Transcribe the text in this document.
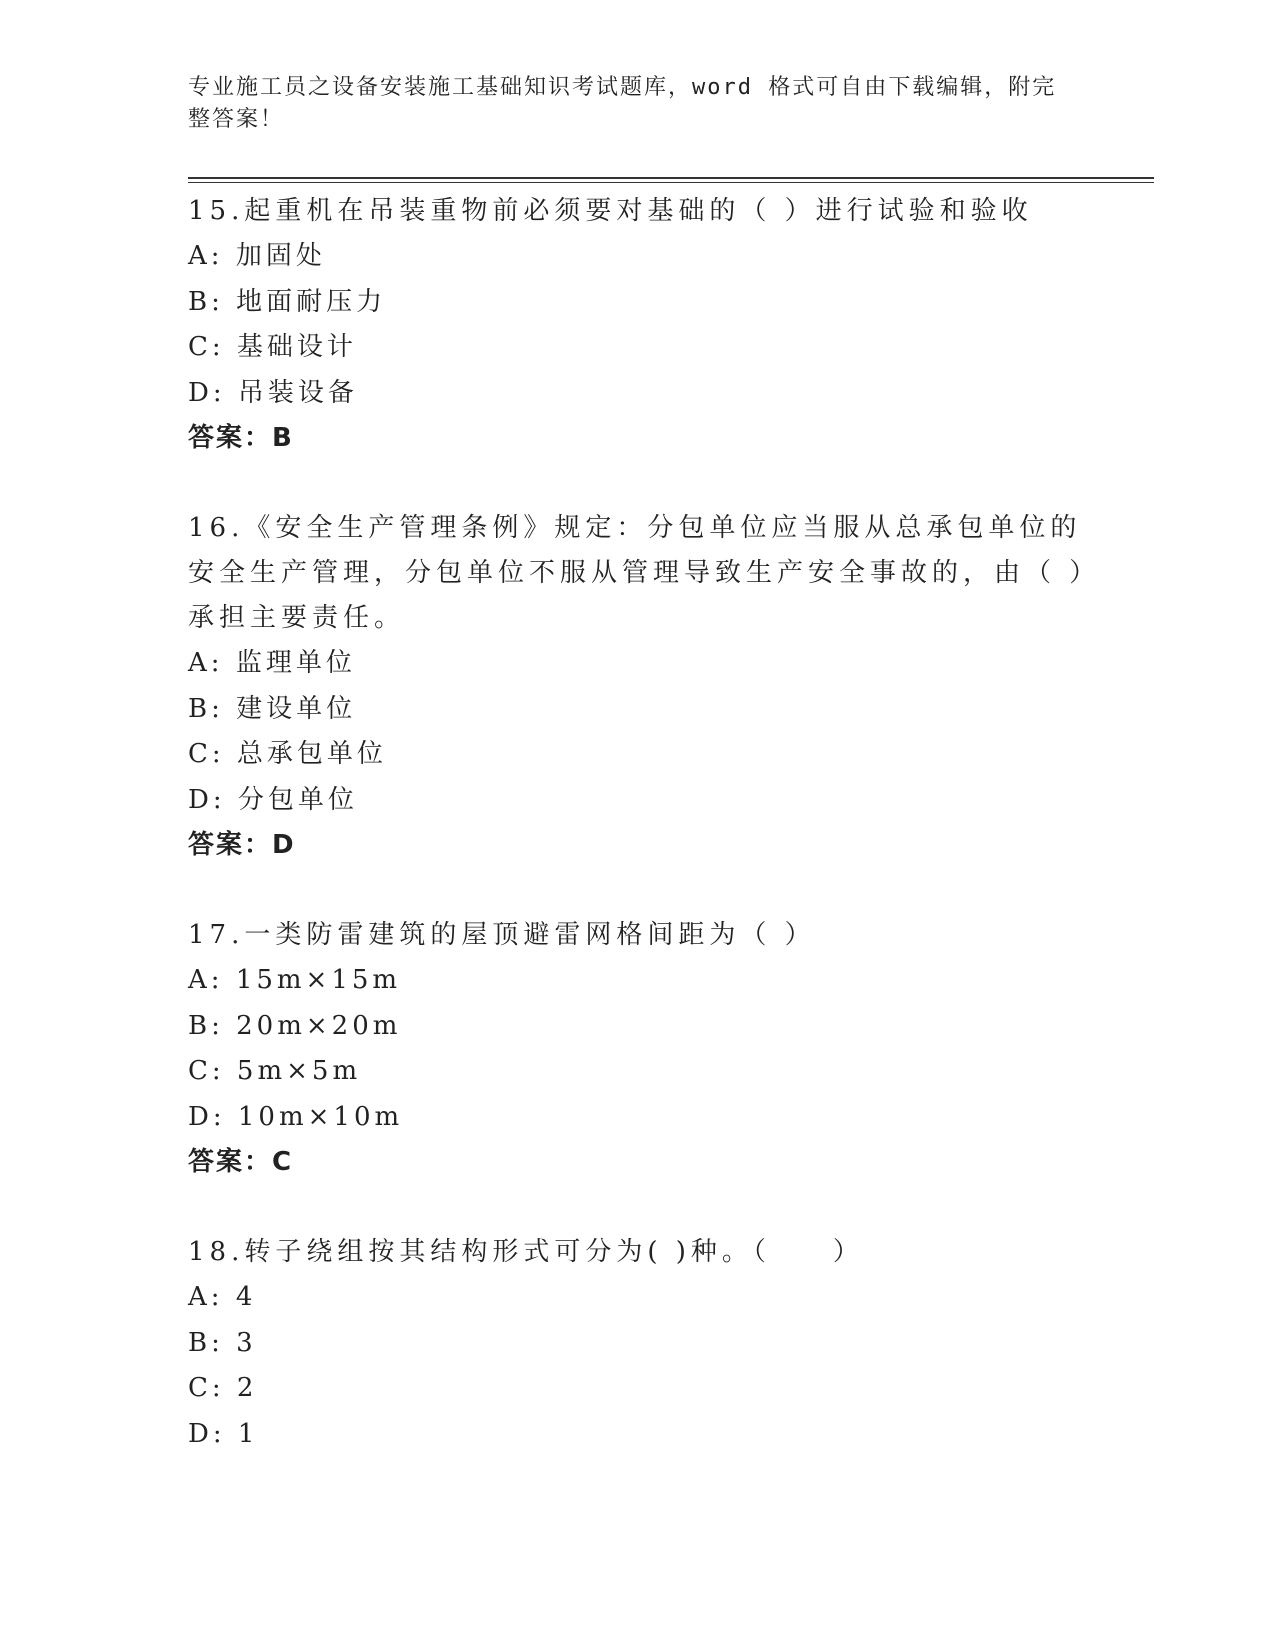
专业施工员之设备安装施工基础知识考试题库，word 格式可自由下载编辑，附完整答案！

15.起重机在吊装重物前必须要对基础的（ ）进行试验和验收

A: 加固处
B: 地面耐压力
C: 基础设计
D: 吊装设备
答案：B

16.《安全生产管理条例》规定：分包单位应当服从总承包单位的安全生产管理，分包单位不服从管理导致生产安全事故的，由（ ）承担主要责任。

A: 监理单位
B: 建设单位
C: 总承包单位
D: 分包单位
答案：D

17.一类防雷建筑的屋顶避雷网格间距为（ ）

A: 15m×15m
B: 20m×20m
C: 5m×5m
D: 10m×10m
答案：C

18.转子绕组按其结构形式可分为( )种。（　　）

A: 4
B: 3
C: 2
D: 1
